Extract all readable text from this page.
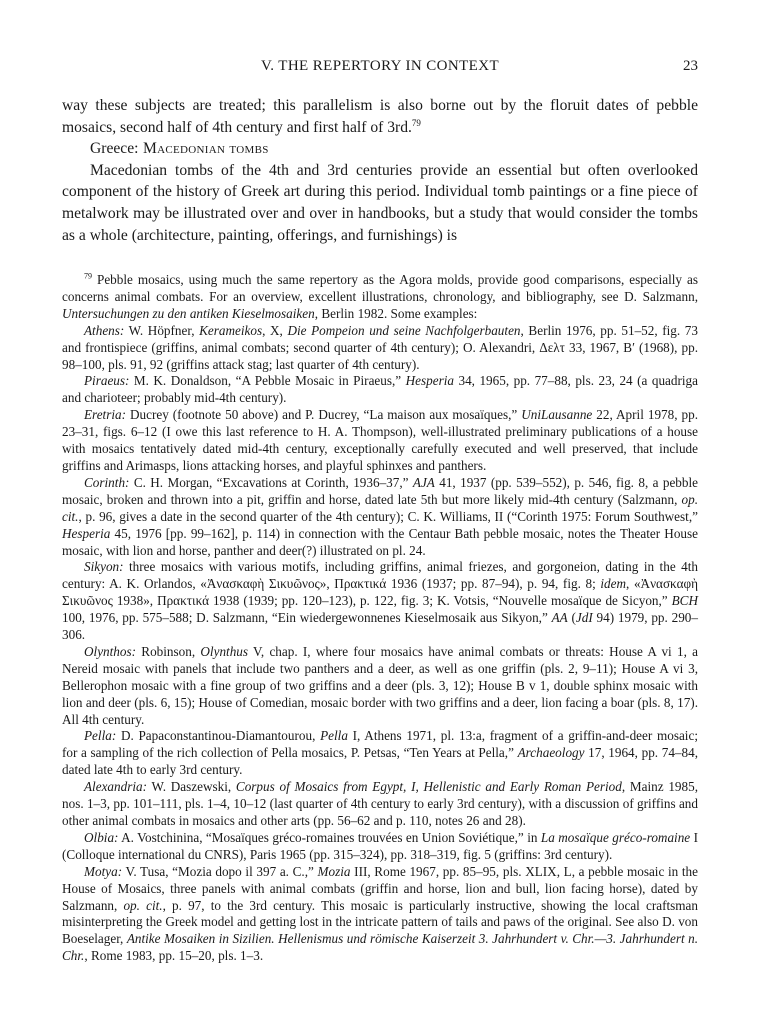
V. THE REPERTORY IN CONTEXT	23

way these subjects are treated; this parallelism is also borne out by the floruit dates of pebble mosaics, second half of 4th century and first half of 3rd.$^{79}$

Greece: Macedonian tombs

Macedonian tombs of the 4th and 3rd centuries provide an essential but often overlooked component of the history of Greek art during this period. Individual tomb paintings or a fine piece of metalwork may be illustrated over and over in handbooks, but a study that would consider the tombs as a whole (architecture, painting, offerings, and furnishings) is

$^{79}$ Pebble mosaics, using much the same repertory as the Agora molds, provide good comparisons, especially as concerns animal combats. For an overview, excellent illustrations, chronology, and bibliography, see D. Salzmann, Untersuchungen zu den antiken Kieselmosaiken, Berlin 1982. Some examples:

Athens: W. Höpfner, Kerameikos, X, Die Pompeion und seine Nachfolgerbauten, Berlin 1976, pp. 51–52, fig. 73 and frontispiece (griffins, animal combats; second quarter of 4th century); O. Alexandri, Δελτ 33, 1967, Β′ (1968), pp. 98–100, pls. 91, 92 (griffins attack stag; last quarter of 4th century).

Piraeus: M. K. Donaldson, “A Pebble Mosaic in Piraeus,” Hesperia 34, 1965, pp. 77–88, pls. 23, 24 (a quadriga and charioteer; probably mid-4th century).

Eretria: Ducrey (footnote 50 above) and P. Ducrey, “La maison aux mosaïques,” UniLausanne 22, April 1978, pp. 23–31, figs. 6–12 (I owe this last reference to H. A. Thompson), well-illustrated preliminary publications of a house with mosaics tentatively dated mid-4th century, exceptionally carefully executed and well preserved, that include griffins and Arimasps, lions attacking horses, and playful sphinxes and panthers.

Corinth: C. H. Morgan, “Excavations at Corinth, 1936–37,” AJA 41, 1937 (pp. 539–552), p. 546, fig. 8, a pebble mosaic, broken and thrown into a pit, griffin and horse, dated late 5th but more likely mid-4th century (Salzmann, op. cit., p. 96, gives a date in the second quarter of the 4th century); C. K. Williams, II (“Corinth 1975: Forum Southwest,” Hesperia 45, 1976 [pp. 99–162], p. 114) in connection with the Centaur Bath pebble mosaic, notes the Theater House mosaic, with lion and horse, panther and deer(?) illustrated on pl. 24.

Sikyon: three mosaics with various motifs, including griffins, animal friezes, and gorgoneion, dating in the 4th century: A. K. Orlandos, «Ἀνασκαφὴ Σικυῶνος», Πρακτικά 1936 (1937; pp. 87–94), p. 94, fig. 8; idem, «Ἀνασκαφὴ Σικυῶνος 1938», Πρακτικά 1938 (1939; pp. 120–123), p. 122, fig. 3; K. Votsis, “Nouvelle mosaïque de Sicyon,” BCH 100, 1976, pp. 575–588; D. Salzmann, “Ein wiedergewonnenes Kieselmosaik aus Sikyon,” AA (JdI 94) 1979, pp. 290–306.

Olynthos: Robinson, Olynthus V, chap. I, where four mosaics have animal combats or threats: House A vi 1, a Nereid mosaic with panels that include two panthers and a deer, as well as one griffin (pls. 2, 9–11); House A vi 3, Bellerophon mosaic with a fine group of two griffins and a deer (pls. 3, 12); House B v 1, double sphinx mosaic with lion and deer (pls. 6, 15); House of Comedian, mosaic border with two griffins and a deer, lion facing a boar (pls. 8, 17). All 4th century.

Pella: D. Papaconstantinou-Diamantourou, Pella I, Athens 1971, pl. 13:a, fragment of a griffin-and-deer mosaic; for a sampling of the rich collection of Pella mosaics, P. Petsas, “Ten Years at Pella,” Archaeology 17, 1964, pp. 74–84, dated late 4th to early 3rd century.

Alexandria: W. Daszewski, Corpus of Mosaics from Egypt, I, Hellenistic and Early Roman Period, Mainz 1985, nos. 1–3, pp. 101–111, pls. 1–4, 10–12 (last quarter of 4th century to early 3rd century), with a discussion of griffins and other animal combats in mosaics and other arts (pp. 56–62 and p. 110, notes 26 and 28).

Olbia: A. Vostchinina, “Mosaïques gréco-romaines trouvées en Union Soviétique,” in La mosaïque gréco-romaine I (Colloque international du CNRS), Paris 1965 (pp. 315–324), pp. 318–319, fig. 5 (griffins: 3rd century).

Motya: V. Tusa, “Mozia dopo il 397 a. C.,” Mozia III, Rome 1967, pp. 85–95, pls. XLIX, L, a pebble mosaic in the House of Mosaics, three panels with animal combats (griffin and horse, lion and bull, lion facing horse), dated by Salzmann, op. cit., p. 97, to the 3rd century. This mosaic is particularly instructive, showing the local craftsman misinterpreting the Greek model and getting lost in the intricate pattern of tails and paws of the original. See also D. von Boeselager, Antike Mosaiken in Sizilien. Hellenismus und römische Kaiserzeit 3. Jahrhundert v. Chr.—3. Jahrhundert n. Chr., Rome 1983, pp. 15–20, pls. 1–3.
